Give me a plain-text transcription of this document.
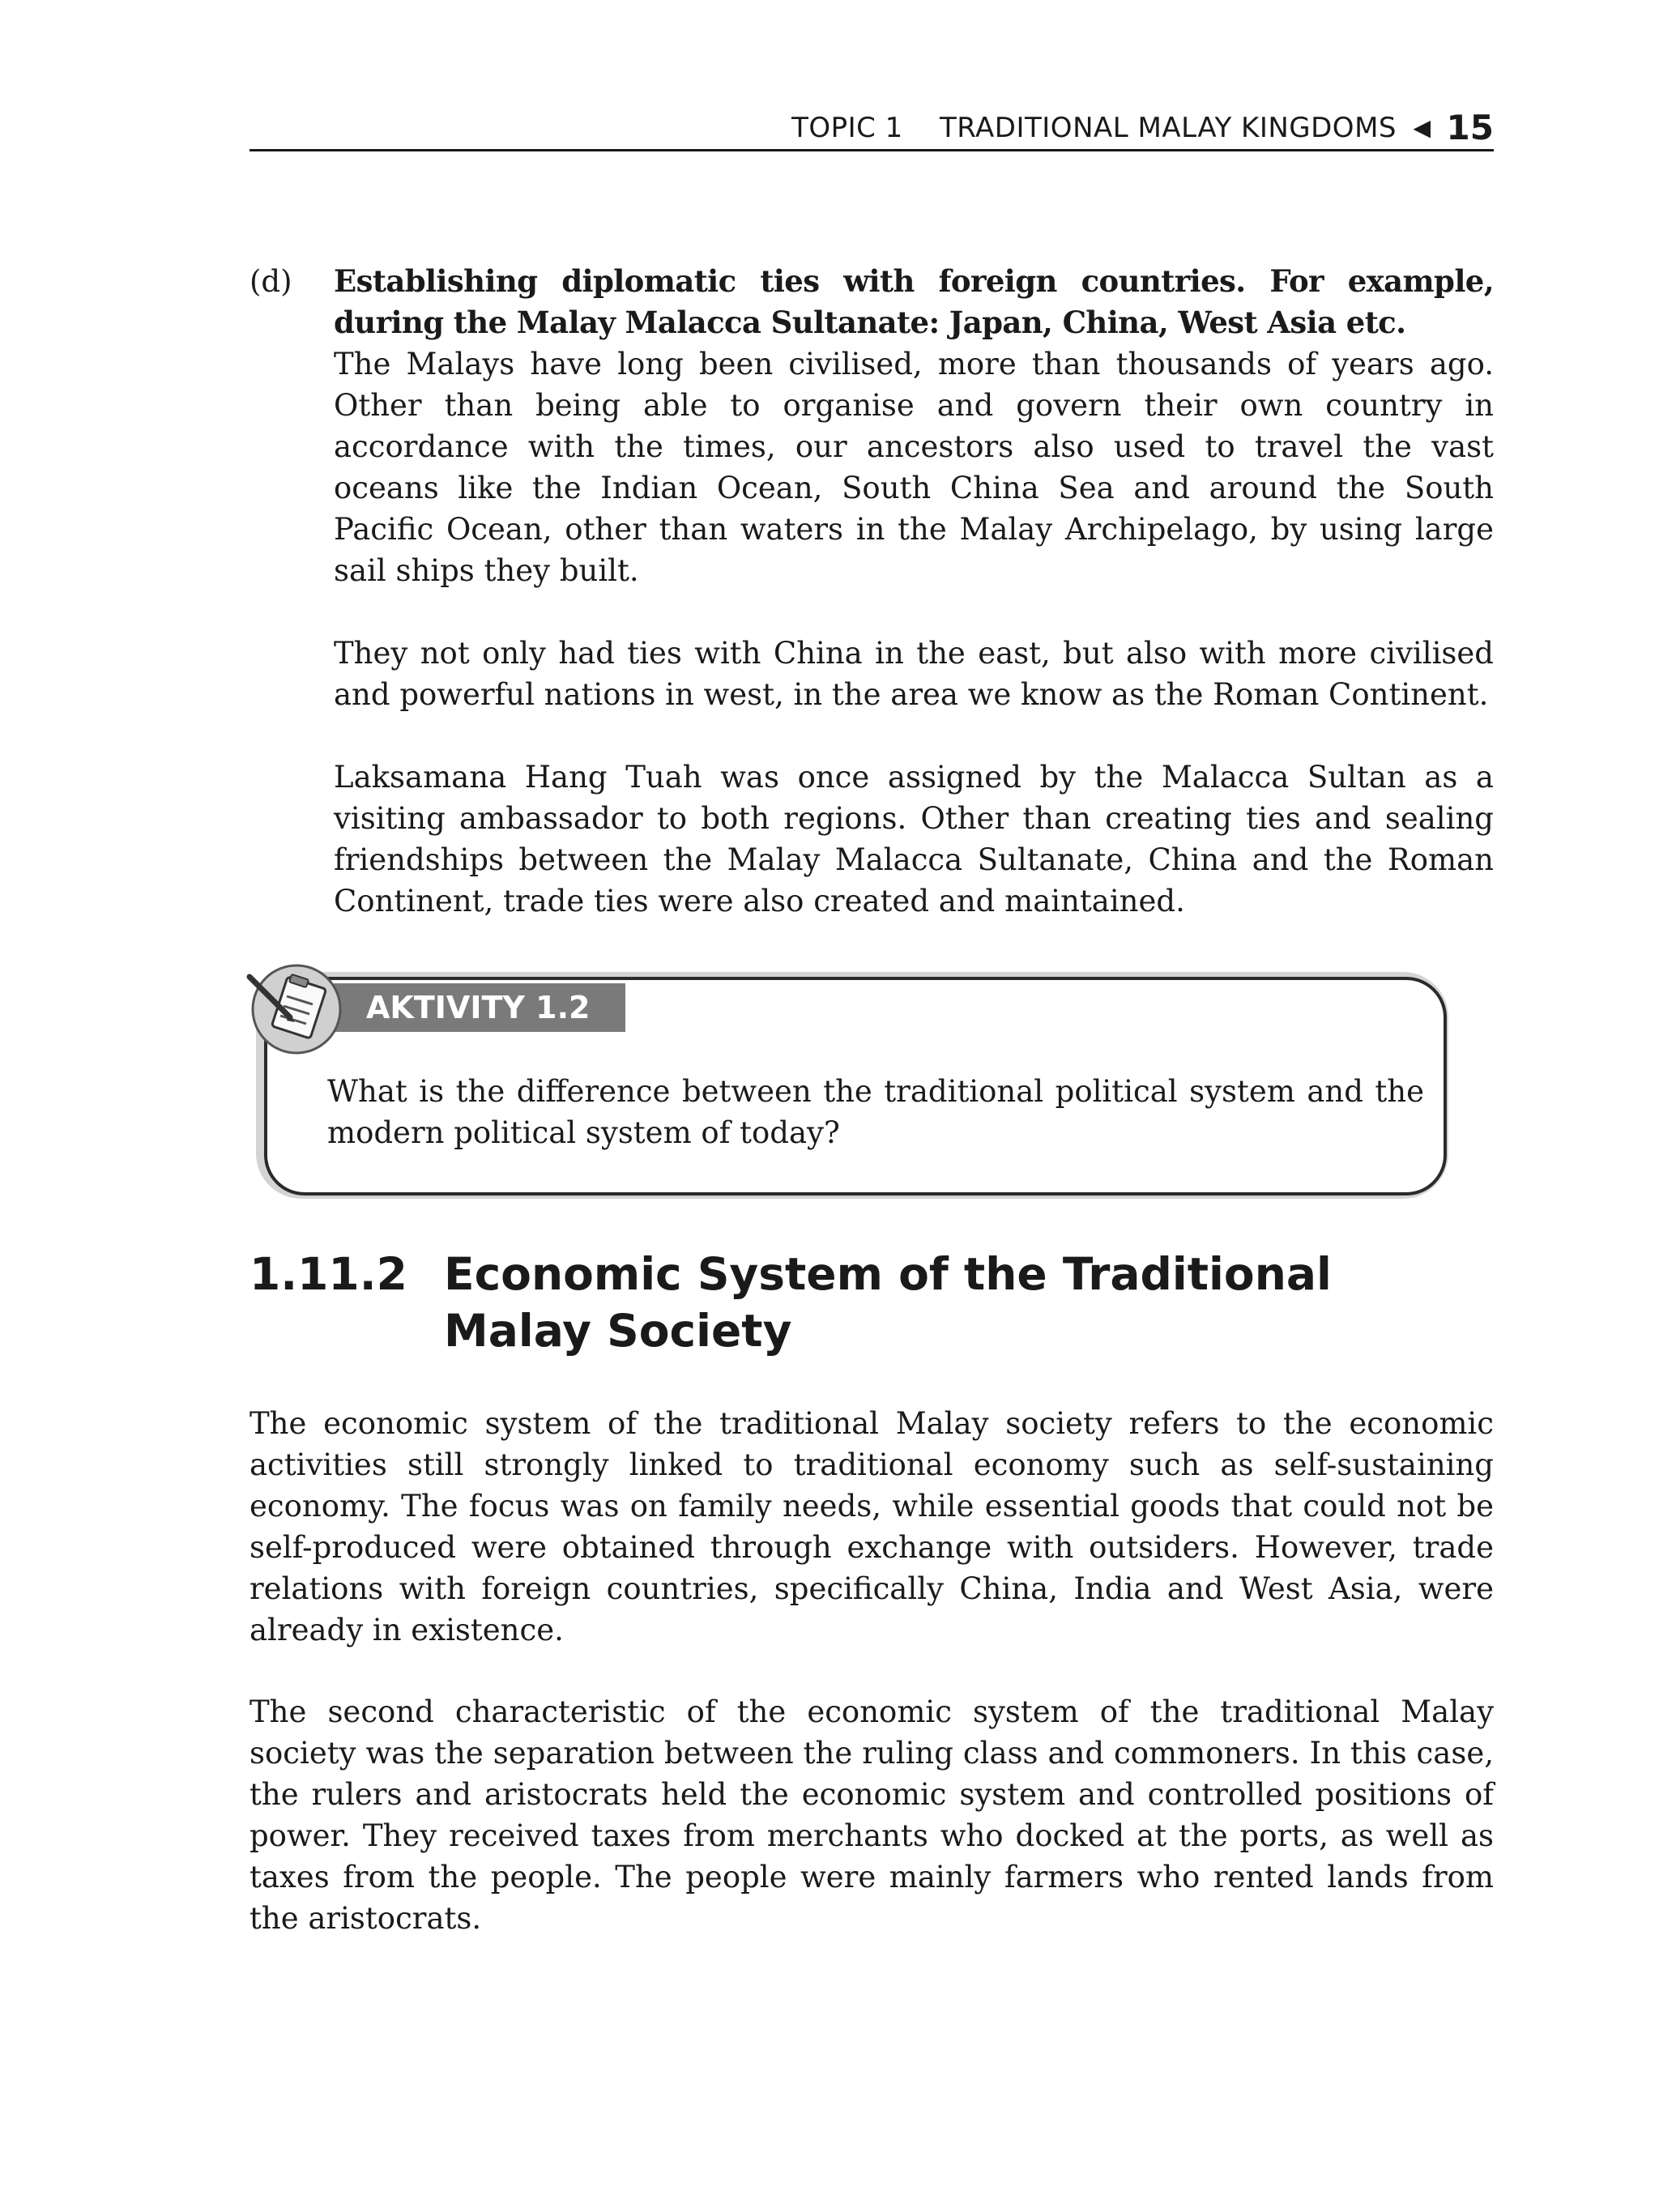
TOPIC 1    TRADITIONAL MALAY KINGDOMS ◀ 15
(d) Establishing diplomatic ties with foreign countries. For example, during the Malay Malacca Sultanate: Japan, China, West Asia etc.

The Malays have long been civilised, more than thousands of years ago. Other than being able to organise and govern their own country in accordance with the times, our ancestors also used to travel the vast oceans like the Indian Ocean, South China Sea and around the South Pacific Ocean, other than waters in the Malay Archipelago, by using large sail ships they built.

They not only had ties with China in the east, but also with more civilised and powerful nations in west, in the area we know as the Roman Continent.

Laksamana Hang Tuah was once assigned by the Malacca Sultan as a visiting ambassador to both regions. Other than creating ties and sealing friendships between the Malay Malacca Sultanate, China and the Roman Continent, trade ties were also created and maintained.

AKTIVITY 1.2

What is the difference between the traditional political system and the modern political system of today?

1.11.2 Economic System of the Traditional Malay Society

The economic system of the traditional Malay society refers to the economic activities still strongly linked to traditional economy such as self-sustaining economy. The focus was on family needs, while essential goods that could not be self-produced were obtained through exchange with outsiders. However, trade relations with foreign countries, specifically China, India and West Asia, were already in existence.

The second characteristic of the economic system of the traditional Malay society was the separation between the ruling class and commoners. In this case, the rulers and aristocrats held the economic system and controlled positions of power. They received taxes from merchants who docked at the ports, as well as taxes from the people. The people were mainly farmers who rented lands from the aristocrats.
